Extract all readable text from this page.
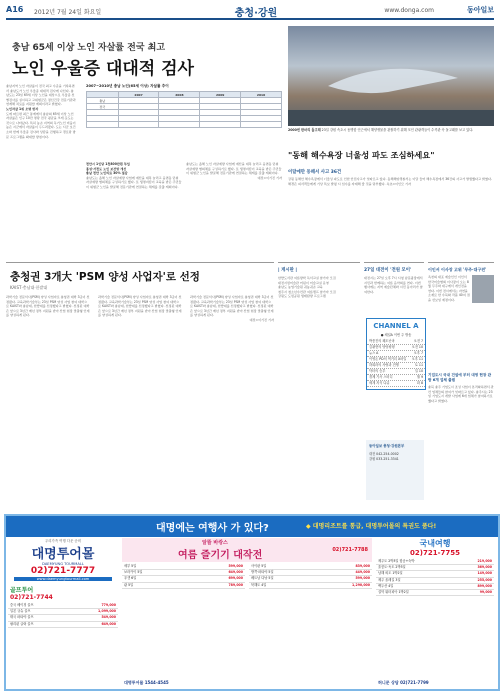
A16 2012년 7월 24일 화요일	충청·강원	www.donga.com	동아일보
충남 65세 이상 노인 자살률 전국 최고
노인 우울증 대대적 검사
충남지역 노인 자살률이 전국 최고 수준을 기록하면서 충남도가 노인 우울증 대대적 검사에 나선다. 충남도는 23일 65세 이상 노인을 대상으로 우울증 선별검사를 실시하고 고위험군은 정신건강 전문기관과 연계해 치료를 지원할 계획이라고 밝혔다.
노인자살 1위 오명 벗자
도에 따르면 최근 통계에서 충남의 65세 이상 노인 자살률은 인구 10만 명당 전국 평균을 크게 웃도는 것으로 나타났다. 특히 농촌 지역의 독거노인 비율이 높은 시군에서 자살률이 두드러졌다. 도는 시군 보건소와 함께 우울증 검사와 상담을 진행하고 경로당 방문 프로그램을 확대할 방침이다.
2007~2010년 충남 노인(65세 이상) 자살률 추이
	2007	2008	2009	2010
충남				
전국				

천안시 1인당 1천800만원 투입
홍성·서천도 노인 보건망 개선
충남 천안 노인의료 30% 절감
충남도는 올해 노인 자살예방 사업에 예산을 대폭 늘리고 읍면동 단위 자살예방 협의체를 구성하기로 했다. 또 생명지킴이 교육을 받은 주민들이 위험군 노인을 발굴해 전문기관에 연결하는 체계를 갖출 계획이다.
충남도는 올해 노인 자살예방 사업에 예산을 대폭 늘리고 읍면동 단위 자살예방 협의체를 구성하기로 했다. 또 생명지킴이 교육을 받은 주민들이 위험군 노인을 발굴해 전문기관에 연결하는 체계를 갖출 계획이다.
대전=이기진 기자
2000번 한마리 돌고래 23일 강원 속초시 동명항 인근에서 해양생물을 관찰하기 위해 모인 관광객들이 수족관 속 돌고래를 보고 있다.
"동해 해수욕장 너울성 파도 조심하세요"
이달에만 동해서 사고 36건
강원 동해안 해수욕장에서 너울성 파도로 인한 안전사고가 잇따르고 있다. 동해해양경찰서는 이달 들어 해수욕장에서 36건의 사고가 발생했다고 밝혔다. 해경은 피서객들에게 기상 특보 발령 시 입수를 자제해 줄 것을 당부했다. 속초=이인모 기자
충청권 3개大 'PSM 양성 사업자'로 선정
KAIST·충남대·한밭대
과학기술 전문석사(PSM) 양성 사업자로 충청권 대학 3곳이 선정됐다. 교육과학기술부는 23일 PSM 양성 사업 참여 대학으로 KAIST와 충남대, 한밭대를 선정했다고 밝혔다. 선정된 대학은 앞으로 3년간 매년 정부 지원을 받아 산업 현장 맞춤형 인재를 양성하게 된다.
과학기술 전문석사(PSM) 양성 사업자로 충청권 대학 3곳이 선정됐다. 교육과학기술부는 23일 PSM 양성 사업 참여 대학으로 KAIST와 충남대, 한밭대를 선정했다고 밝혔다. 선정된 대학은 앞으로 3년간 매년 정부 지원을 받아 산업 현장 맞춤형 인재를 양성하게 된다.
과학기술 전문석사(PSM) 양성 사업자로 충청권 대학 3곳이 선정됐다. 교육과학기술부는 23일 PSM 양성 사업 참여 대학으로 KAIST와 충남대, 한밭대를 선정했다고 밝혔다. 선정된 대학은 앞으로 3년간 매년 정부 지원을 받아 산업 현장 맞춤형 인재를 양성하게 된다.
대전=이기진 기자
| 게시판 |
한밭도서관 여름방학 독서교실 참가자 모집
대전시립미술관 어린이 미술교실 운영
충남도 농업기술원 귀농귀촌 교육
청주시 청소년수련관 여름캠프 참가자 모집
강원도 도립공원 생태탐방 프로그램
27일 대전이 '전원 모이'
대전시는 27일 오후 7시 시청 남문광장에서 시민과 함께하는 여름 음악회를 연다. 이번 행사에는 지역 예술단체와 시민 동아리가 참여한다.
CHANNEL A
● 채널A 이번 주 방송
박종진의 쾌도난마	오전 7
김광현의 탕탕평평	오전 10
뉴스 A	오후 7
이영돈 PD의 먹거리 X파일 오후 11
하희라의 사랑과 전쟁	토 11
닥터의 승부	일 10
경제 기사 스터디	월 9
세계 지식 다큐	화 8
동아일보 충청·강원본부
대전 042-254-0002
강원 033-251-3341
이인서 이사장 고위 '무주·대구전'
옥천의 대표 예술인인 이인서 한국미술협회 이사장이 오는 8월 무주와 대구에서 개인전을 연다. 이번 전시에서는 자연을 소재로 한 수묵화 작품 40여 점을 선보일 예정이다.
기업도시 국내 건설에 부터 대영 현장 관람 6개 업체 출범
충북 충주 기업도시 조성 사업이 본격화하면서 관련 업체들의 참여가 잇따르고 있다. 충주시는 23일 기업도시 개발 사업에 6개 업체가 참여하기로 했다고 밝혔다.
대명에는 여행사 가 있다?	◆ 대명리조트를 통급, 대명투어몰의 특권도 품다!
우리가족 여행 다운 준비
대명투어몰
DAEMYUNG TOURMALL
02)721-7777
www.daemyungtourmall.com
골프투어
02)721-7744
중국 베이징 골프	779,000
일본 규슈 골프	1,099,000
태국 파타야 골프	549,000
필리핀 클락 골프	649,000
알뜰 바캉스
여름 즐기기 대작전	02)721-7788
세부 5일	599,000
보라카이 5일	649,000
푸켓 6일	699,000
괌 5일	789,000
사이판 5일	839,000
방콕·파타야 5일	449,000
베트남 다낭 5일	599,000
북해도 4일	1,290,000
대명투어몰 1544-4545
국내여행
02)721-7755
제주도 2박3일 항공+숙박	219,000
울릉도·독도 2박3일	369,000
남해 외도 1박2일	149,000
제주 올레길 3일	255,000
백두산 4일	899,000
설악 워터피아 1박2일	99,000
허니문 상담 02)721-7799
